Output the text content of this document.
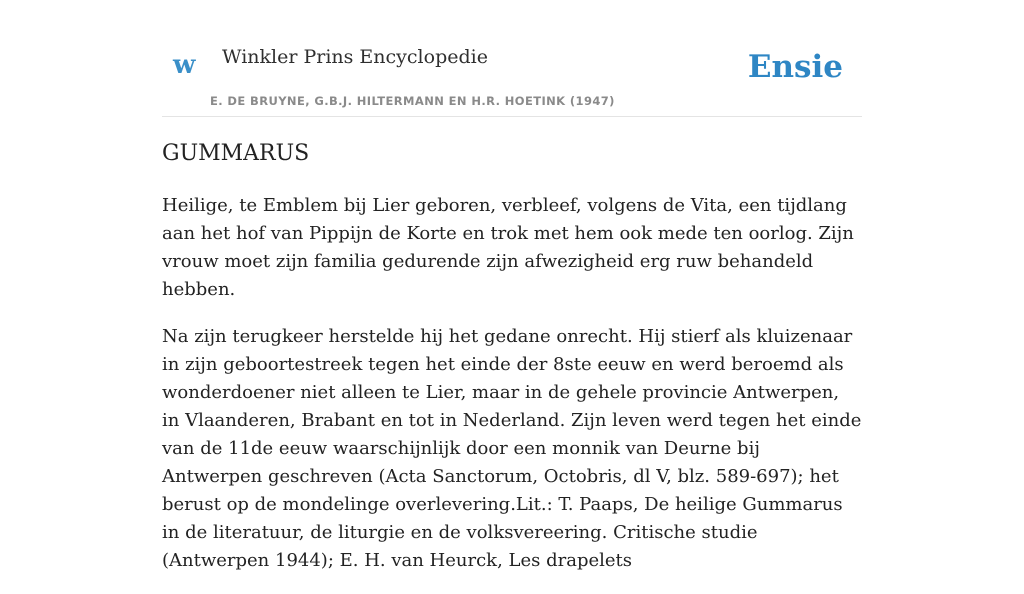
w Winkler Prins Encyclopedie
E. DE BRUYNE, G.B.J. HILTERMANN EN H.R. HOETINK (1947)
Ensie
GUMMARUS

Heilige, te Emblem bij Lier geboren, verbleef, volgens de Vita, een tijdlang aan het hof van Pippijn de Korte en trok met hem ook mede ten oorlog. Zijn vrouw moet zijn familia gedurende zijn afwezigheid erg ruw behandeld hebben.

Na zijn terugkeer herstelde hij het gedane onrecht. Hij stierf als kluizenaar in zijn geboortestreek tegen het einde der 8ste eeuw en werd beroemd als wonderdoener niet alleen te Lier, maar in de gehele provincie Antwerpen, in Vlaanderen, Brabant en tot in Nederland. Zijn leven werd tegen het einde van de 11de eeuw waarschijnlijk door een monnik van Deurne bij Antwerpen geschreven (Acta Sanctorum, Octobris, dl V, blz. 589-697); het berust op de mondelinge overlevering.Lit.: T. Paaps, De heilige Gummarus in de literatuur, de liturgie en de volksvereering. Critische studie (Antwerpen 1944); E. H. van Heurck, Les drapelets
